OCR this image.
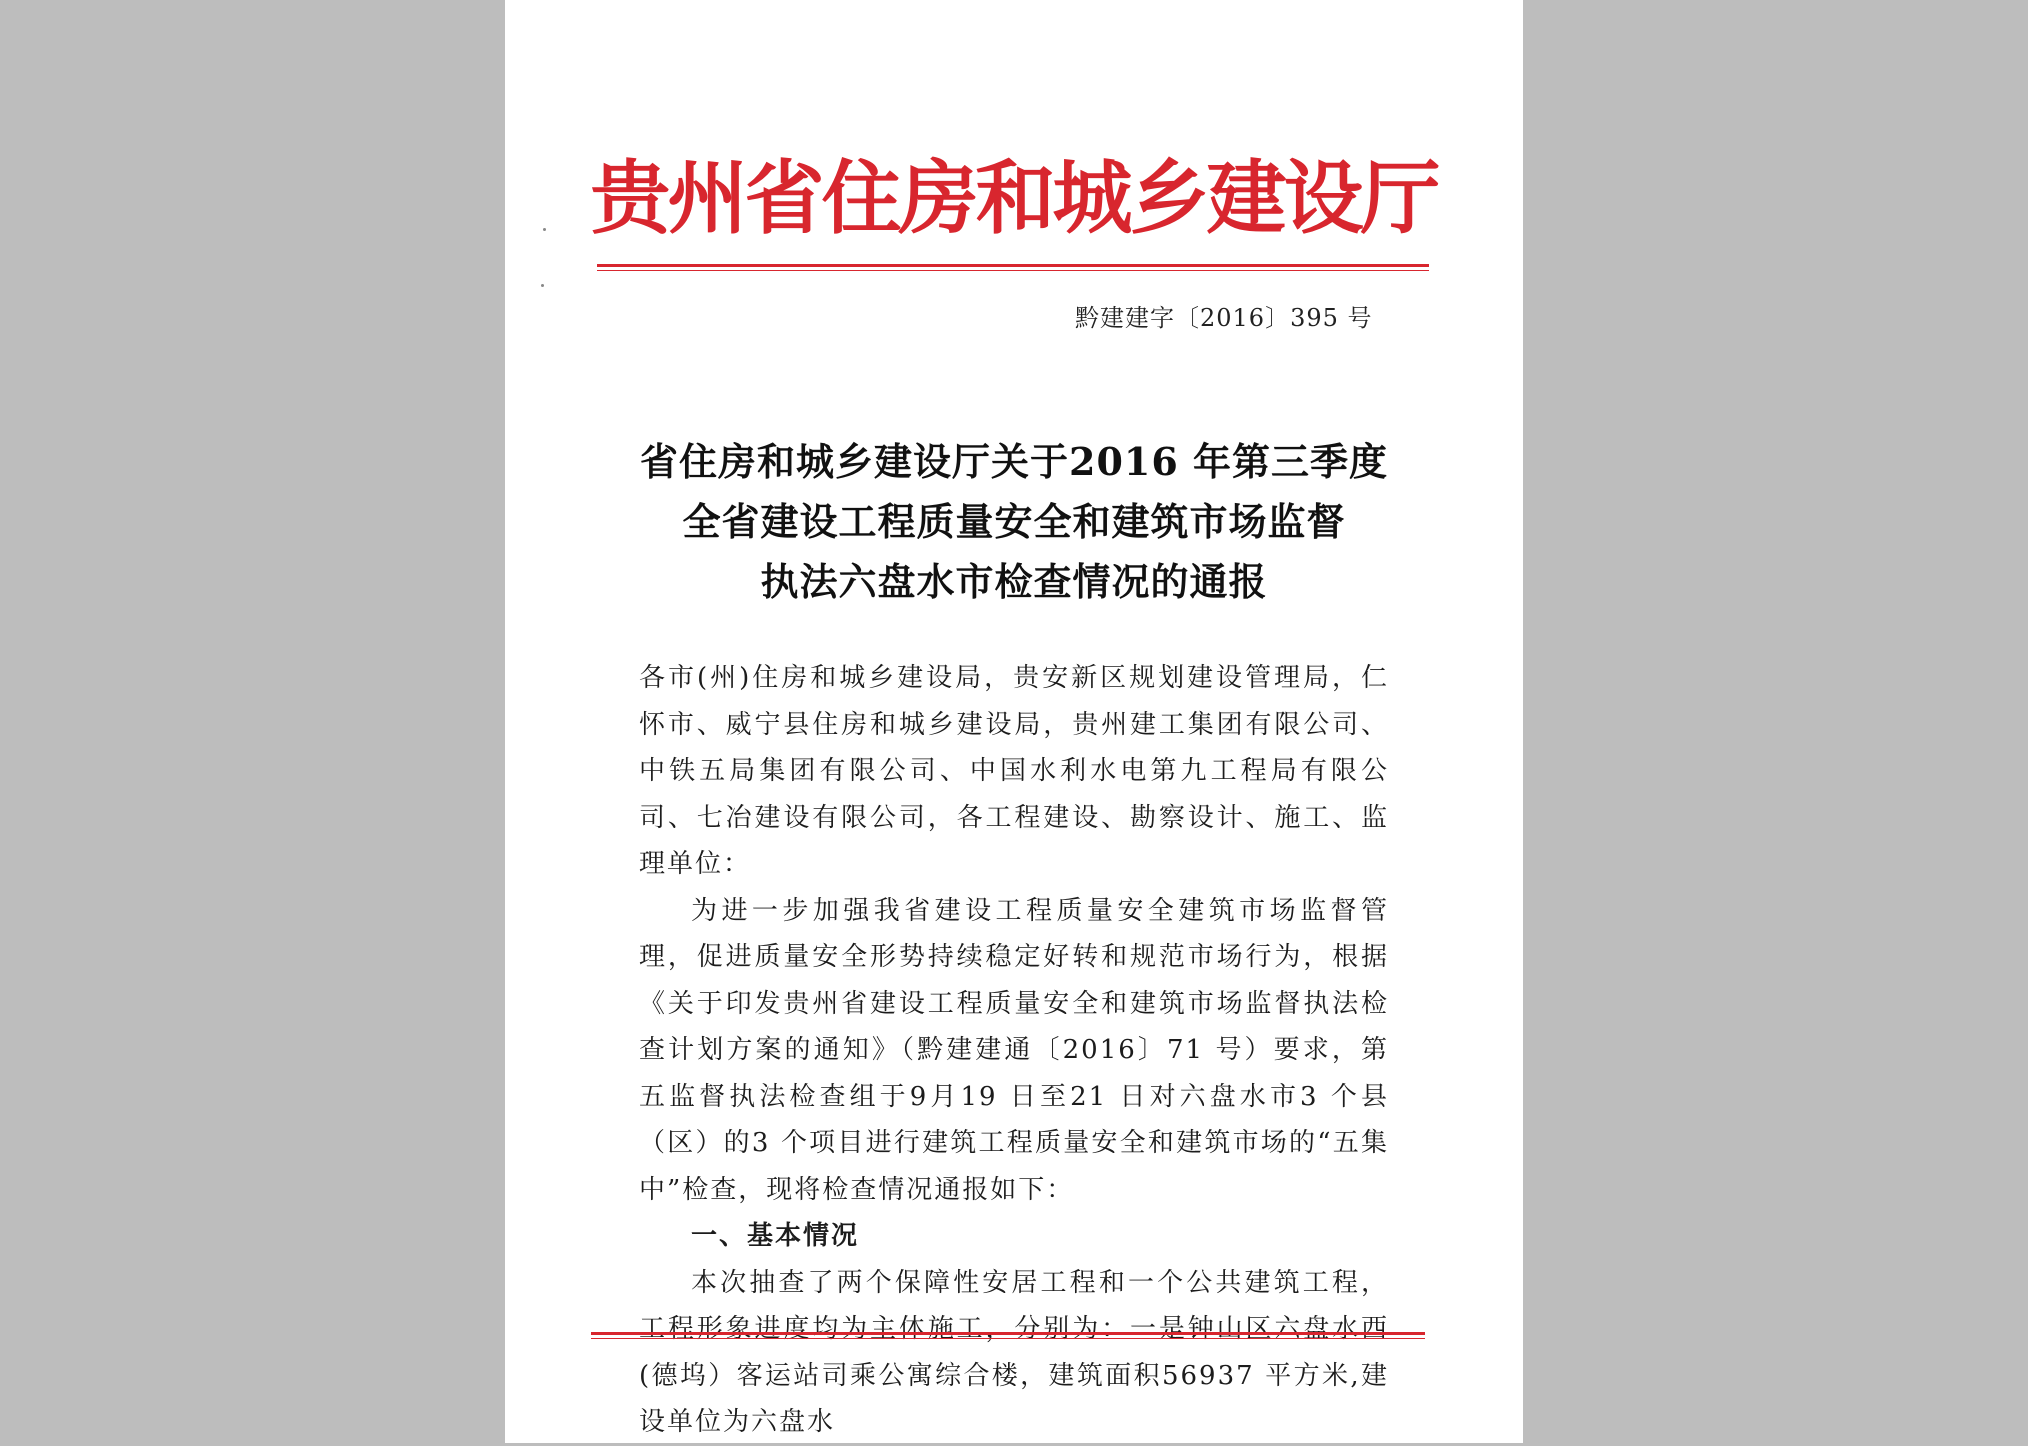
贵州省住房和城乡建设厅
黔建建字〔2016〕395 号
省住房和城乡建设厅关于2016 年第三季度
全省建设工程质量安全和建筑市场监督
执法六盘水市检查情况的通报

各市(州)住房和城乡建设局，贵安新区规划建设管理局，仁怀市、威宁县住房和城乡建设局，贵州建工集团有限公司、中铁五局集团有限公司、中国水利水电第九工程局有限公司、七冶建设有限公司，各工程建设、勘察设计、施工、监理单位：

为进一步加强我省建设工程质量安全建筑市场监督管理，促进质量安全形势持续稳定好转和规范市场行为，根据《关于印发贵州省建设工程质量安全和建筑市场监督执法检查计划方案的通知》（黔建建通〔2016〕71 号）要求，第五监督执法检查组于9月19 日至21 日对六盘水市3 个县（区）的3 个项目进行建筑工程质量安全和建筑市场的“五集中”检查，现将检查情况通报如下：

一、基本情况

本次抽查了两个保障性安居工程和一个公共建筑工程，工程形象进度均为主体施工，分别为：一是钟山区六盘水西(德坞）客运站司乘公寓综合楼，建筑面积56937 平方米,建设单位为六盘水
